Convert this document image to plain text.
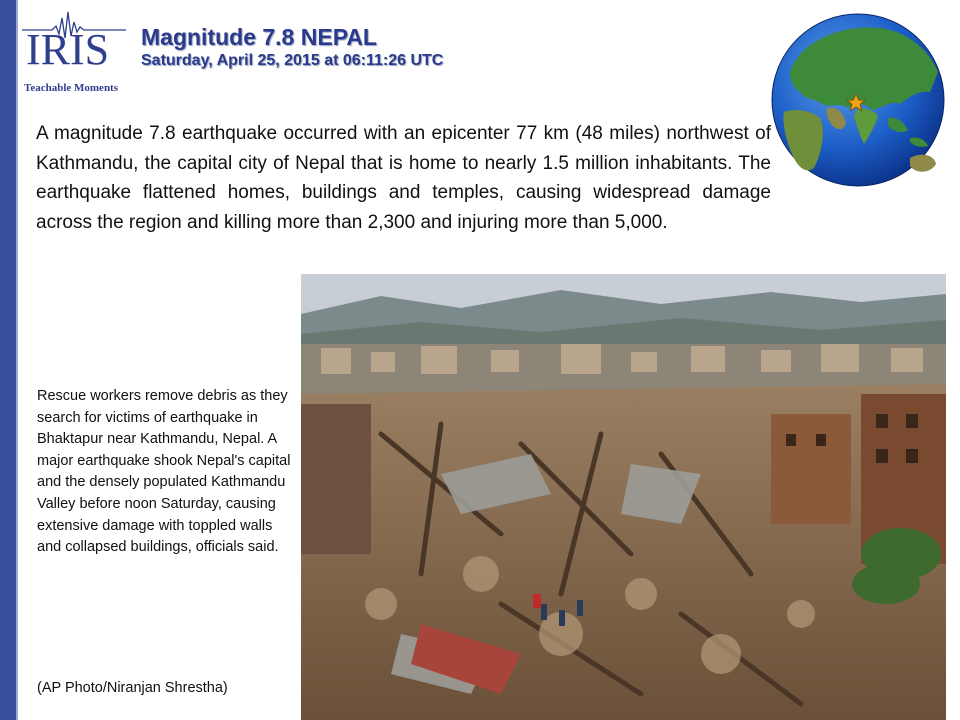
IRIS
Teachable Moments
Magnitude 7.8 NEPAL
Saturday, April 25, 2015 at 06:11:26 UTC

A magnitude 7.8 earthquake occurred with an epicenter 77 km (48 miles) northwest of Kathmandu, the capital city of Nepal that is home to nearly 1.5 million inhabitants. The earthquake flattened homes, buildings and temples, causing widespread damage across the region and killing more than 2,300 and injuring more than 5,000.

Rescue workers remove debris as they search for victims of earthquake in Bhaktapur near Kathmandu, Nepal. A major earthquake shook Nepal's capital and the densely populated Kathmandu Valley before noon Saturday, causing extensive damage with toppled walls and collapsed buildings, officials said.

(AP Photo/Niranjan Shrestha)
